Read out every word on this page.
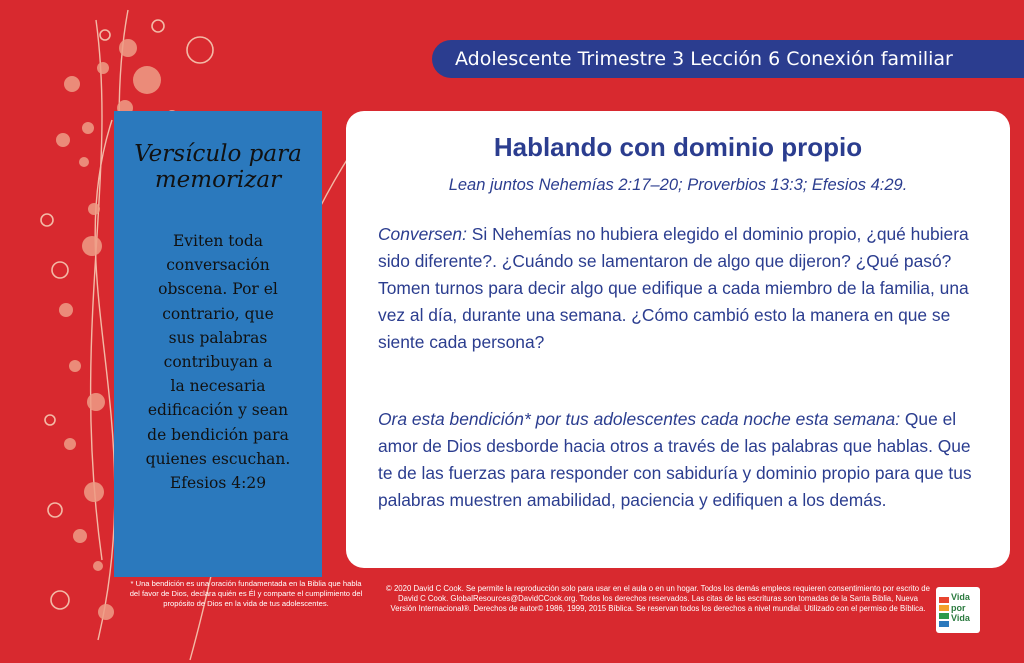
Adolescente Trimestre 3 Lección 6 Conexión familiar
Versículo para
memorizar
Eviten toda
conversación
obscena. Por el
contrario, que
sus palabras
contribuyan a
la necesaria
edificación y sean
de bendición para
quienes escuchan.
Efesios 4:29
* Una bendición es una oración fundamentada en la Biblia que habla del favor de Dios, declara quién es Él y comparte el cumplimiento del propósito de Dios en la vida de tus adolescentes.
Hablando con dominio propio
Lean juntos Nehemías 2:17–20; Proverbios 13:3; Efesios 4:29.
Conversen: Si Nehemías no hubiera elegido el dominio propio, ¿qué hubiera sido diferente?. ¿Cuándo se lamentaron de algo que dijeron? ¿Qué pasó? Tomen turnos para decir algo que edifique a cada miembro de la familia, una vez al día, durante una semana. ¿Cómo cambió esto la manera en que se siente cada persona?
Ora esta bendición* por tus adolescentes cada noche esta semana: Que el amor de Dios desborde hacia otros a través de las palabras que hablas. Que te de las fuerzas para responder con sabiduría y dominio propio para que tus palabras muestren amabilidad, paciencia y edifiquen a los demás.
© 2020 David C Cook. Se permite la reproducción solo para usar en el aula o en un hogar. Todos los demás empleos requieren consentimiento por escrito de David C Cook. GlobalResources@DavidCCook.org. Todos los derechos reservados. Las citas de las escrituras son tomadas de la Santa Biblia, Nueva Versión Internacional®. Derechos de autor© 1986, 1999, 2015 Bíblica. Se reservan todos los derechos a nivel mundial. Utilizado con el permiso de Bíblica.
Vida
por
Vida
